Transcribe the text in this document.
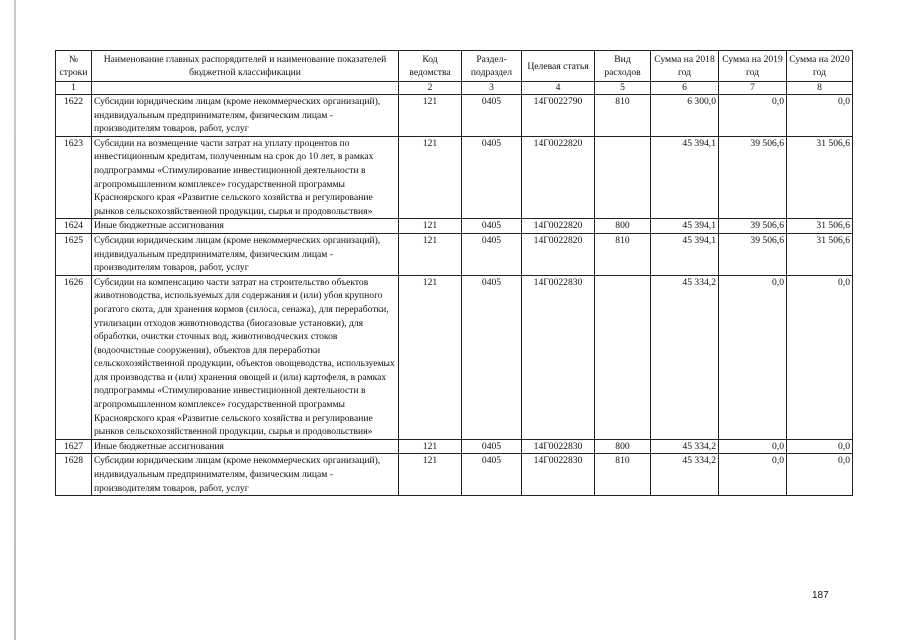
№ строки	Наименование главных распорядителей и наименование показателей бюджетной классификации	Код ведомства	Раздел-подраздел	Целевая статья	Вид расходов	Сумма на 2018 год	Сумма на 2019 год	Сумма на 2020 год
1		2	3	4	5	6	7	8
1622	Субсидии юридическим лицам (кроме некоммерческих организаций), индивидуальным предпринимателям, физическим лицам - производителям товаров, работ, услуг	121	0405	14Г0022790	810	6 300,0	0,0	0,0
1623	Субсидии на возмещение части затрат на уплату процентов по инвестиционным кредитам, полученным на срок до 10 лет, в рамках подпрограммы «Стимулирование инвестиционной деятельности в агропромышленном комплексе» государственной программы Красноярского края «Развитие сельского хозяйства и регулирование рынков сельскохозяйственной продукции, сырья и продовольствия»	121	0405	14Г0022820		45 394,1	39 506,6	31 506,6
1624	Иные бюджетные ассигнования	121	0405	14Г0022820	800	45 394,1	39 506,6	31 506,6
1625	Субсидии юридическим лицам (кроме некоммерческих организаций), индивидуальным предпринимателям, физическим лицам - производителям товаров, работ, услуг	121	0405	14Г0022820	810	45 394,1	39 506,6	31 506,6
1626	Субсидии на компенсацию части затрат на строительство объектов животноводства, используемых для содержания и (или) убоя крупного рогатого скота, для хранения кормов (силоса, сенажа), для переработки, утилизации отходов животноводства (биогазовые установки), для обработки, очистки сточных вод, животноводческих стоков (водоочистные сооружения), объектов для переработки сельскохозяйственной продукции, объектов овощеводства, используемых для производства и (или) хранения овощей и (или) картофеля, в рамках подпрограммы «Стимулирование инвестиционной деятельности в агропромышленном комплексе» государственной программы Красноярского края «Развитие сельского хозяйства и регулирование рынков сельскохозяйственной продукции, сырья и продовольствия»	121	0405	14Г0022830		45 334,2	0,0	0,0
1627	Иные бюджетные ассигнования	121	0405	14Г0022830	800	45 334,2	0,0	0,0
1628	Субсидии юридическим лицам (кроме некоммерческих организаций), индивидуальным предпринимателям, физическим лицам - производителям товаров, работ, услуг	121	0405	14Г0022830	810	45 334,2	0,0	0,0
187
